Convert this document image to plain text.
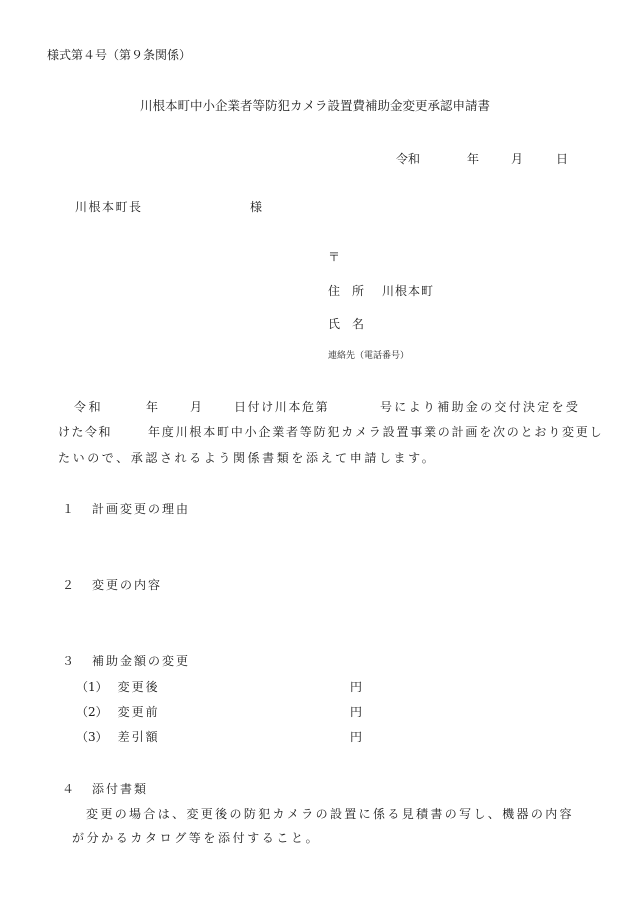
様式第４号（第９条関係）
川根本町中小企業者等防犯カメラ設置費補助金変更承認申請書
令和	年	月	日
川根本町長	様
〒
住　所 川根本町
氏　名
連絡先（電話番号）
令和	年 月 日付け川本危第	号により補助金の交付決定を受
けた令和	年度川根本町中小企業者等防犯カメラ設置事業の計画を次のとおり変更し
たいので、承認されるよう関係書類を添えて申請します。
１ 計画変更の理由
２ 変更の内容
３ 補助金額の変更
（1） 変更後	円
（2） 変更前	円
（3） 差引額	円
４ 添付書類
変更の場合は、変更後の防犯カメラの設置に係る見積書の写し、機器の内容
が分かるカタログ等を添付すること。
